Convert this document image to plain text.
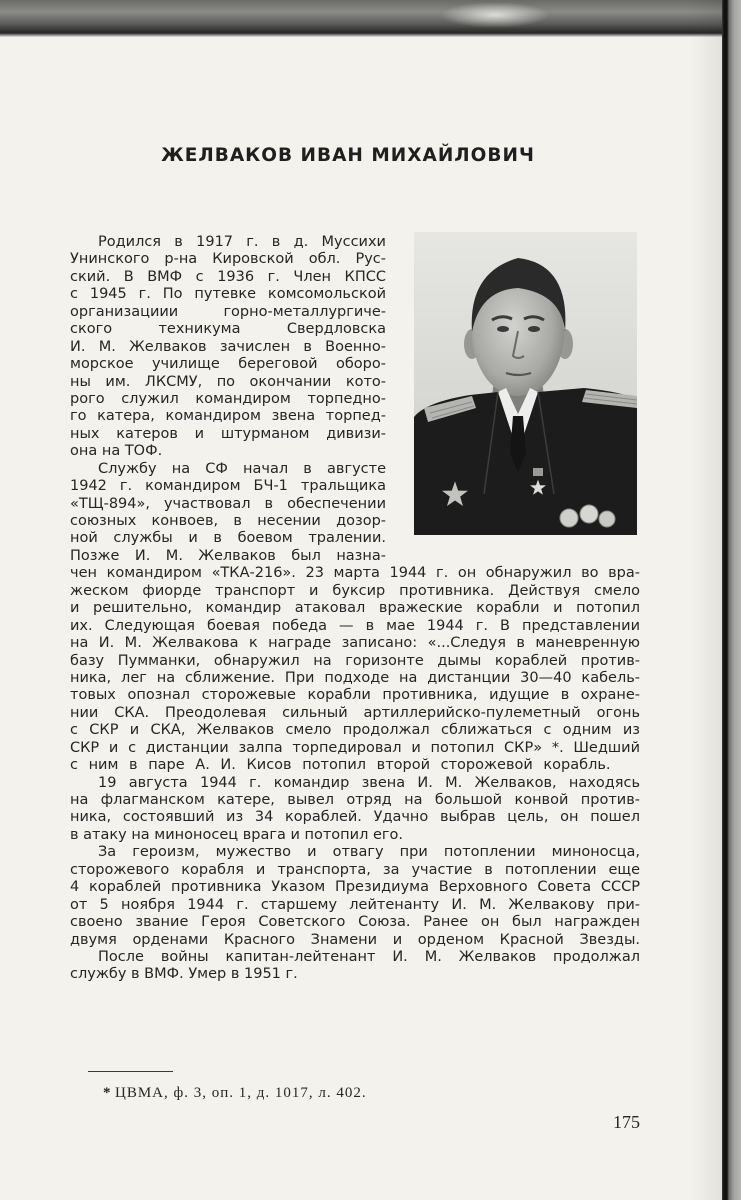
ЖЕЛВАКОВ ИВАН МИХАЙЛОВИЧ
Родился в 1917 г. в д. Муссихи
Унинского р-на Кировской обл. Рус-
ский. В ВМФ с 1936 г. Член КПСС
с 1945 г. По путевке комсомольской
организациии горно-металлургиче-
ского техникума Свердловска
И. М. Желваков зачислен в Военно-
морское училище береговой оборо-
ны им. ЛКСМУ, по окончании кото-
рого служил командиром торпедно-
го катера, командиром звена торпед-
ных катеров и штурманом дивизи-
она на ТОФ.
Службу на СФ начал в августе
1942 г. командиром БЧ-1 тральщика
«ТЩ-894», участвовал в обеспечении
союзных конвоев, в несении дозор-
ной службы и в боевом тралении.
Позже И. М. Желваков был назна-
чен командиром «ТКА-216». 23 марта 1944 г. он обнаружил во вра-
жеском фиорде транспорт и буксир противника. Действуя смело
и решительно, командир атаковал вражеские корабли и потопил
их. Следующая боевая победа — в мае 1944 г. В представлении
на И. М. Желвакова к награде записано: «...Следуя в маневренную
базу Пумманки, обнаружил на горизонте дымы кораблей против-
ника, лег на сближение. При подходе на дистанции 30—40 кабель-
товых опознал сторожевые корабли противника, идущие в охране-
нии СКА. Преодолевая сильный артиллерийско-пулеметный огонь
с СКР и СКА, Желваков смело продолжал сближаться с одним из
СКР и с дистанции залпа торпедировал и потопил СКР» *. Шедший
с ним в паре А. И. Кисов потопил второй сторожевой корабль.
19 августа 1944 г. командир звена И. М. Желваков, находясь
на флагманском катере, вывел отряд на большой конвой против-
ника, состоявший из 34 кораблей. Удачно выбрав цель, он пошел
в атаку на миноносец врага и потопил его.
За героизм, мужество и отвагу при потоплении миноносца,
сторожевого корабля и транспорта, за участие в потоплении еще
4 кораблей противника Указом Президиума Верховного Совета СССР
от 5 ноября 1944 г. старшему лейтенанту И. М. Желвакову при-
своено звание Героя Советского Союза. Ранее он был награжден
двумя орденами Красного Знамени и орденом Красной Звезды.
После войны капитан-лейтенант И. М. Желваков продолжал
службу в ВМФ. Умер в 1951 г.
* ЦВМА, ф. 3, оп. 1, д. 1017, л. 402.
175
